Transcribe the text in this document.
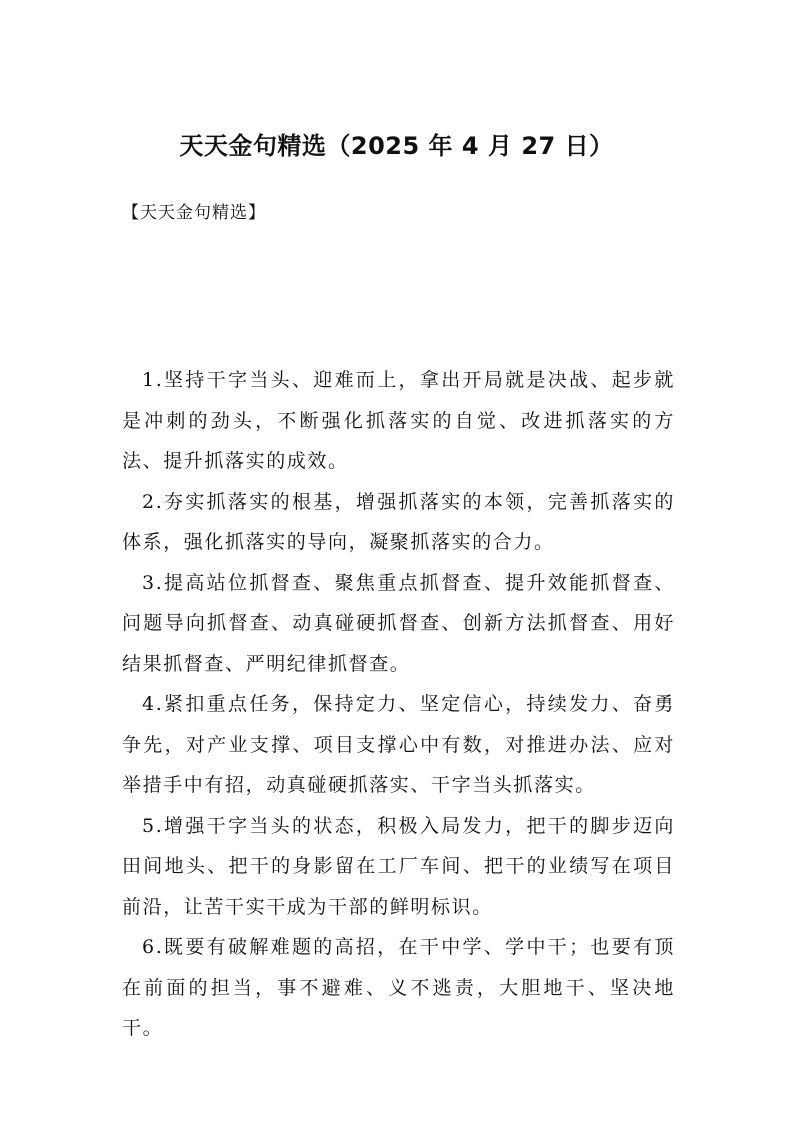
天天金句精选（2025 年 4 月 27 日）
【天天金句精选】

1.坚持干字当头、迎难而上，拿出开局就是决战、起步就是冲刺的劲头，不断强化抓落实的自觉、改进抓落实的方法、提升抓落实的成效。

2.夯实抓落实的根基，增强抓落实的本领，完善抓落实的体系，强化抓落实的导向，凝聚抓落实的合力。

3.提高站位抓督查、聚焦重点抓督查、提升效能抓督查、问题导向抓督查、动真碰硬抓督查、创新方法抓督查、用好结果抓督查、严明纪律抓督查。

4.紧扣重点任务，保持定力、坚定信心，持续发力、奋勇争先，对产业支撑、项目支撑心中有数，对推进办法、应对举措手中有招，动真碰硬抓落实、干字当头抓落实。

5.增强干字当头的状态，积极入局发力，把干的脚步迈向田间地头、把干的身影留在工厂车间、把干的业绩写在项目前沿，让苦干实干成为干部的鲜明标识。

6.既要有破解难题的高招，在干中学、学中干；也要有顶在前面的担当，事不避难、义不逃责，大胆地干、坚决地干。
